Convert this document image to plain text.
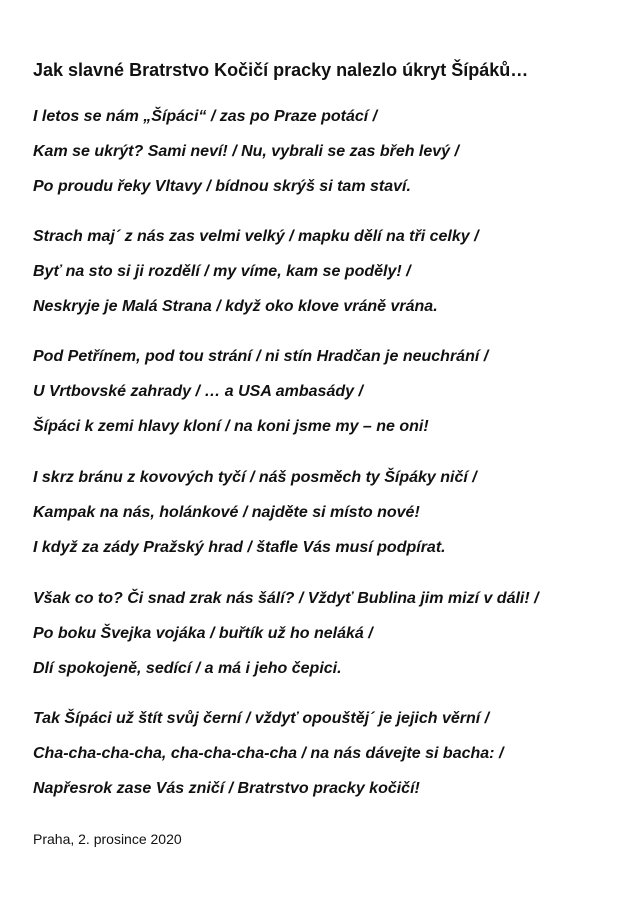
Jak slavné Bratrstvo Kočičí pracky nalezlo úkryt Šípáků…
I letos se nám „Šípáci“ / zas po Praze potácí /
Kam se ukrýt? Sami neví! / Nu, vybrali se zas břeh levý /
Po proudu řeky Vltavy / bídnou skrýš si tam staví.
Strach maj´ z nás zas velmi velký / mapku dělí na tři celky /
Byť na sto si ji rozdělí / my víme, kam se poděly! /
Neskryje je Malá Strana / když oko klove vráně vrána.
Pod Petřínem, pod tou strání / ni stín Hradčan je neuchrání /
U Vrtbovské zahrady / … a USA ambasády /
Šípáci k zemi hlavy kloní / na koni jsme my – ne oni!
I skrz bránu z kovových tyčí / náš posměch ty Šípáky ničí /
Kampak na nás, holánkové / najděte si místo nové!
I když za zády Pražský hrad / štafle Vás musí podpírat.
Však co to? Či snad zrak nás šálí? / Vždyť Bublina jim mizí v dáli! /
Po boku Švejka vojáka / buřtík už ho neláká /
Dlí spokojeně, sedící / a má i jeho čepici.
Tak Šípáci už štít svůj černí / vždyť opouštěj´ je jejich věrní /
Cha-cha-cha-cha, cha-cha-cha-cha / na nás dávejte si bacha: /
Napřesrok zase Vás zničí / Bratrstvo pracky kočičí!
Praha, 2. prosince 2020
